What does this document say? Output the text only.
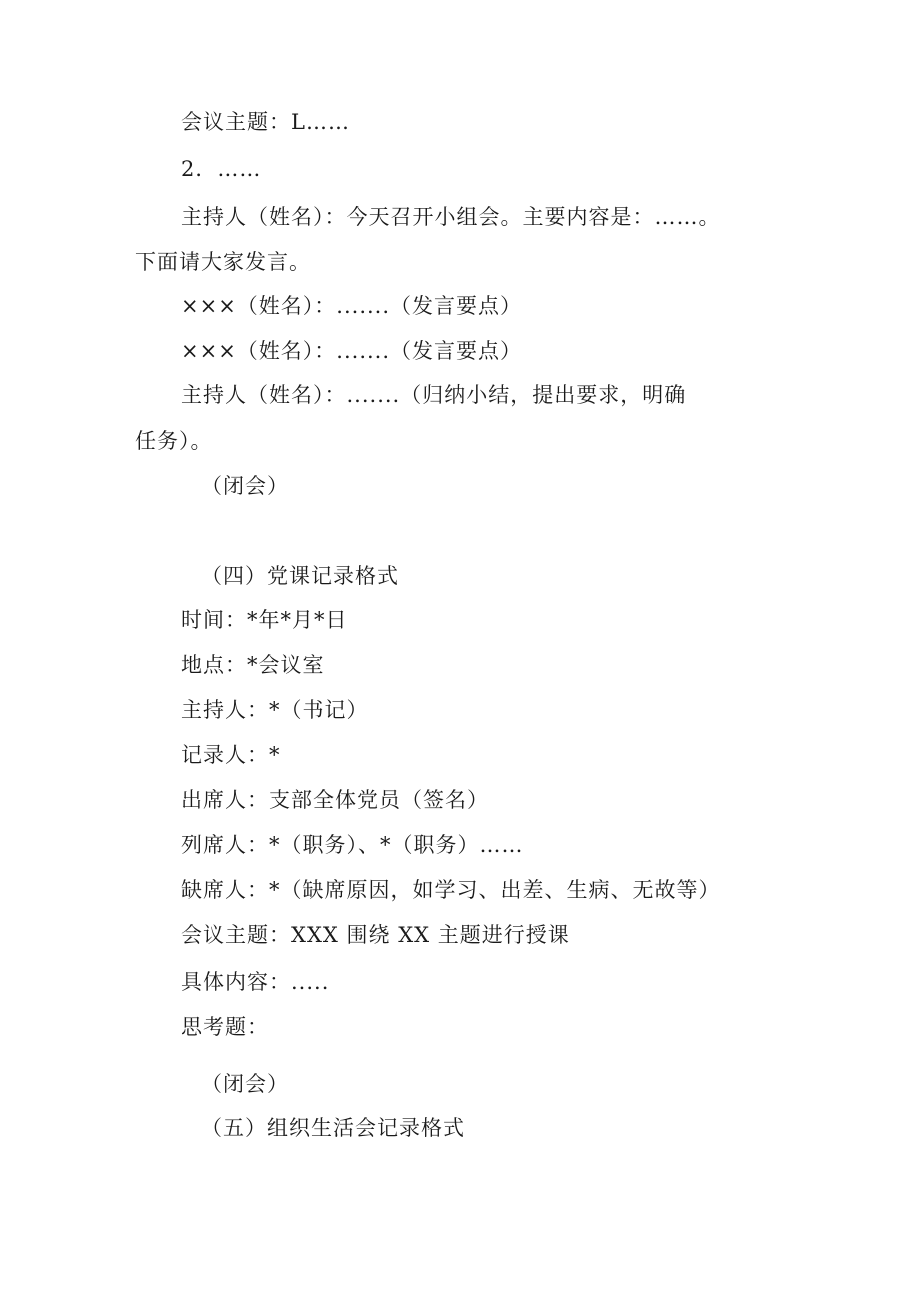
会议主题：L……
2．……
主持人（姓名）：今天召开小组会。主要内容是：……。
下面请大家发言。
×××（姓名）：.......（发言要点）
×××（姓名）：.......（发言要点）
主持人（姓名）：.......（归纳小结，提出要求，明确
任务）。
（闭会）
（四）党课记录格式
时间：*年*月*日
地点：*会议室
主持人：*（书记）
记录人：*
出席人：支部全体党员（签名）
列席人：*（职务）、*（职务）……
缺席人：*（缺席原因，如学习、出差、生病、无故等）
会议主题：XXX 围绕 XX 主题进行授课
具体内容：.....
思考题：
（闭会）
（五）组织生活会记录格式
